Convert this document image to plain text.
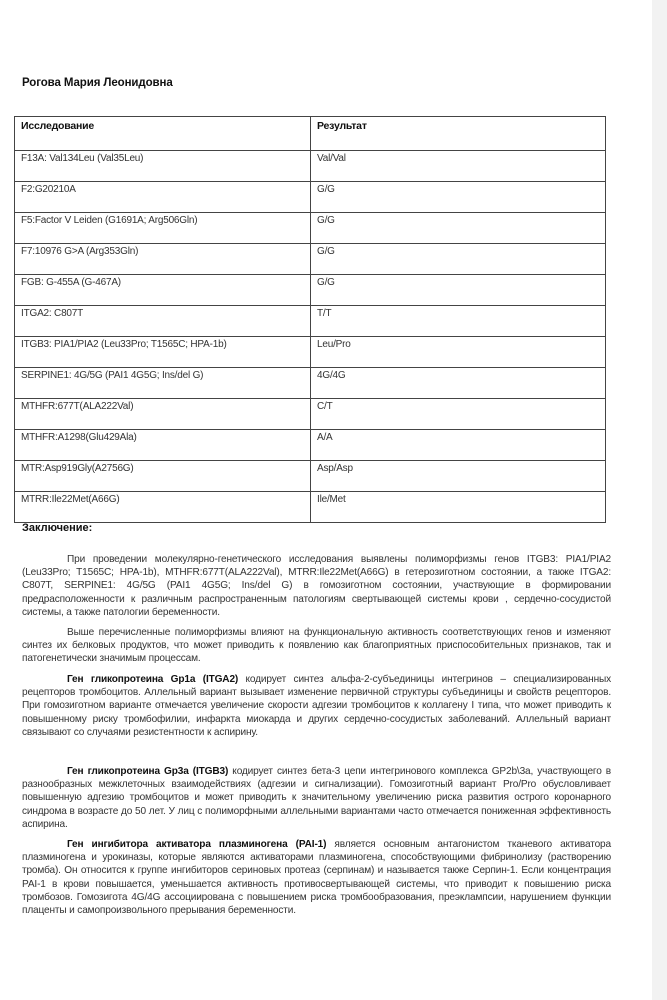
Рогова Мария Леонидовна
Исследование	Результат
F13A: Val134Leu (Val35Leu)	Val/Val
F2:G20210A	G/G
F5:Factor V Leiden (G1691A; Arg506Gln)	G/G
F7:10976 G>A (Arg353Gln)	G/G
FGB: G-455A (G-467A)	G/G
ITGA2: C807T	T/T
ITGB3: PIA1/PIA2 (Leu33Pro; T1565C; HPA-1b)	Leu/Pro
SERPINE1: 4G/5G (PAI1 4G5G; Ins/del G)	4G/4G
MTHFR:677T(ALA222Val)	C/T
MTHFR:A1298(Glu429Ala)	A/A
MTR:Asp919Gly(A2756G)	Asp/Asp
MTRR:Ile22Met(A66G)	Ile/Met
Заключение:
При проведении молекулярно-генетического исследования выявлены полиморфизмы генов ITGB3: PIA1/PIA2 (Leu33Pro; T1565C; HPA-1b), MTHFR:677T(ALA222Val), MTRR:Ile22Met(A66G) в гетерозиготном состоянии, а также ITGA2: C807T, SERPINE1: 4G/5G (PAI1 4G5G; Ins/del G) в гомозиготном состоянии, участвующие в формировании предрасположенности к различным распространенным патологиям свертывающей системы крови , сердечно-сосудистой системы, а также патологии беременности.
Выше перечисленные полиморфизмы влияют на функциональную активность соответствующих генов и изменяют синтез их белковых продуктов, что может приводить к появлению как благоприятных приспособительных признаков, так и патогенетически значимым процессам.
Ген гликопротеина Gp1a (ITGA2) кодирует синтез альфа-2-субъединицы интегринов – специализированных рецепторов тромбоцитов. Аллельный вариант вызывает изменение первичной структуры субъединицы и свойств рецепторов. При гомозиготном варианте отмечается увеличение скорости адгезии тромбоцитов к коллагену I типа, что может приводить к повышенному риску тромбофилии, инфаркта миокарда и других сердечно-сосудистых заболеваний. Аллельный вариант связывают со случаями резистентности к аспирину.
Ген гликопротеина Gp3a (ITGB3) кодирует синтез бета-3 цепи интегринового комплекса GP2b\3a, участвующего в разнообразных межклеточных взаимодействиях (адгезии и сигнализации). Гомозиготный вариант Pro/Pro обусловливает повышенную адгезию тромбоцитов и может приводить к значительному увеличению риска развития острого коронарного синдрома в возрасте до 50 лет. У лиц с полиморфными аллельными вариантами часто отмечается пониженная эффективность аспирина.
Ген ингибитора активатора плазминогена (PAI-1) является основным антагонистом тканевого активатора плазминогена и урокиназы, которые являются активаторами плазминогена, способствующими фибринолизу (растворению тромба). Он относится к группе ингибиторов сериновых протеаз (серпинам) и называется также Серпин-1. Если концентрация PAI-1 в крови повышается, уменьшается активность противосвертывающей системы, что приводит к повышению риска тромбозов. Гомозигота 4G/4G ассоциирована с повышением риска тромбообразования, преэклампсии, нарушением функции плаценты и самопроизвольного прерывания беременности.
